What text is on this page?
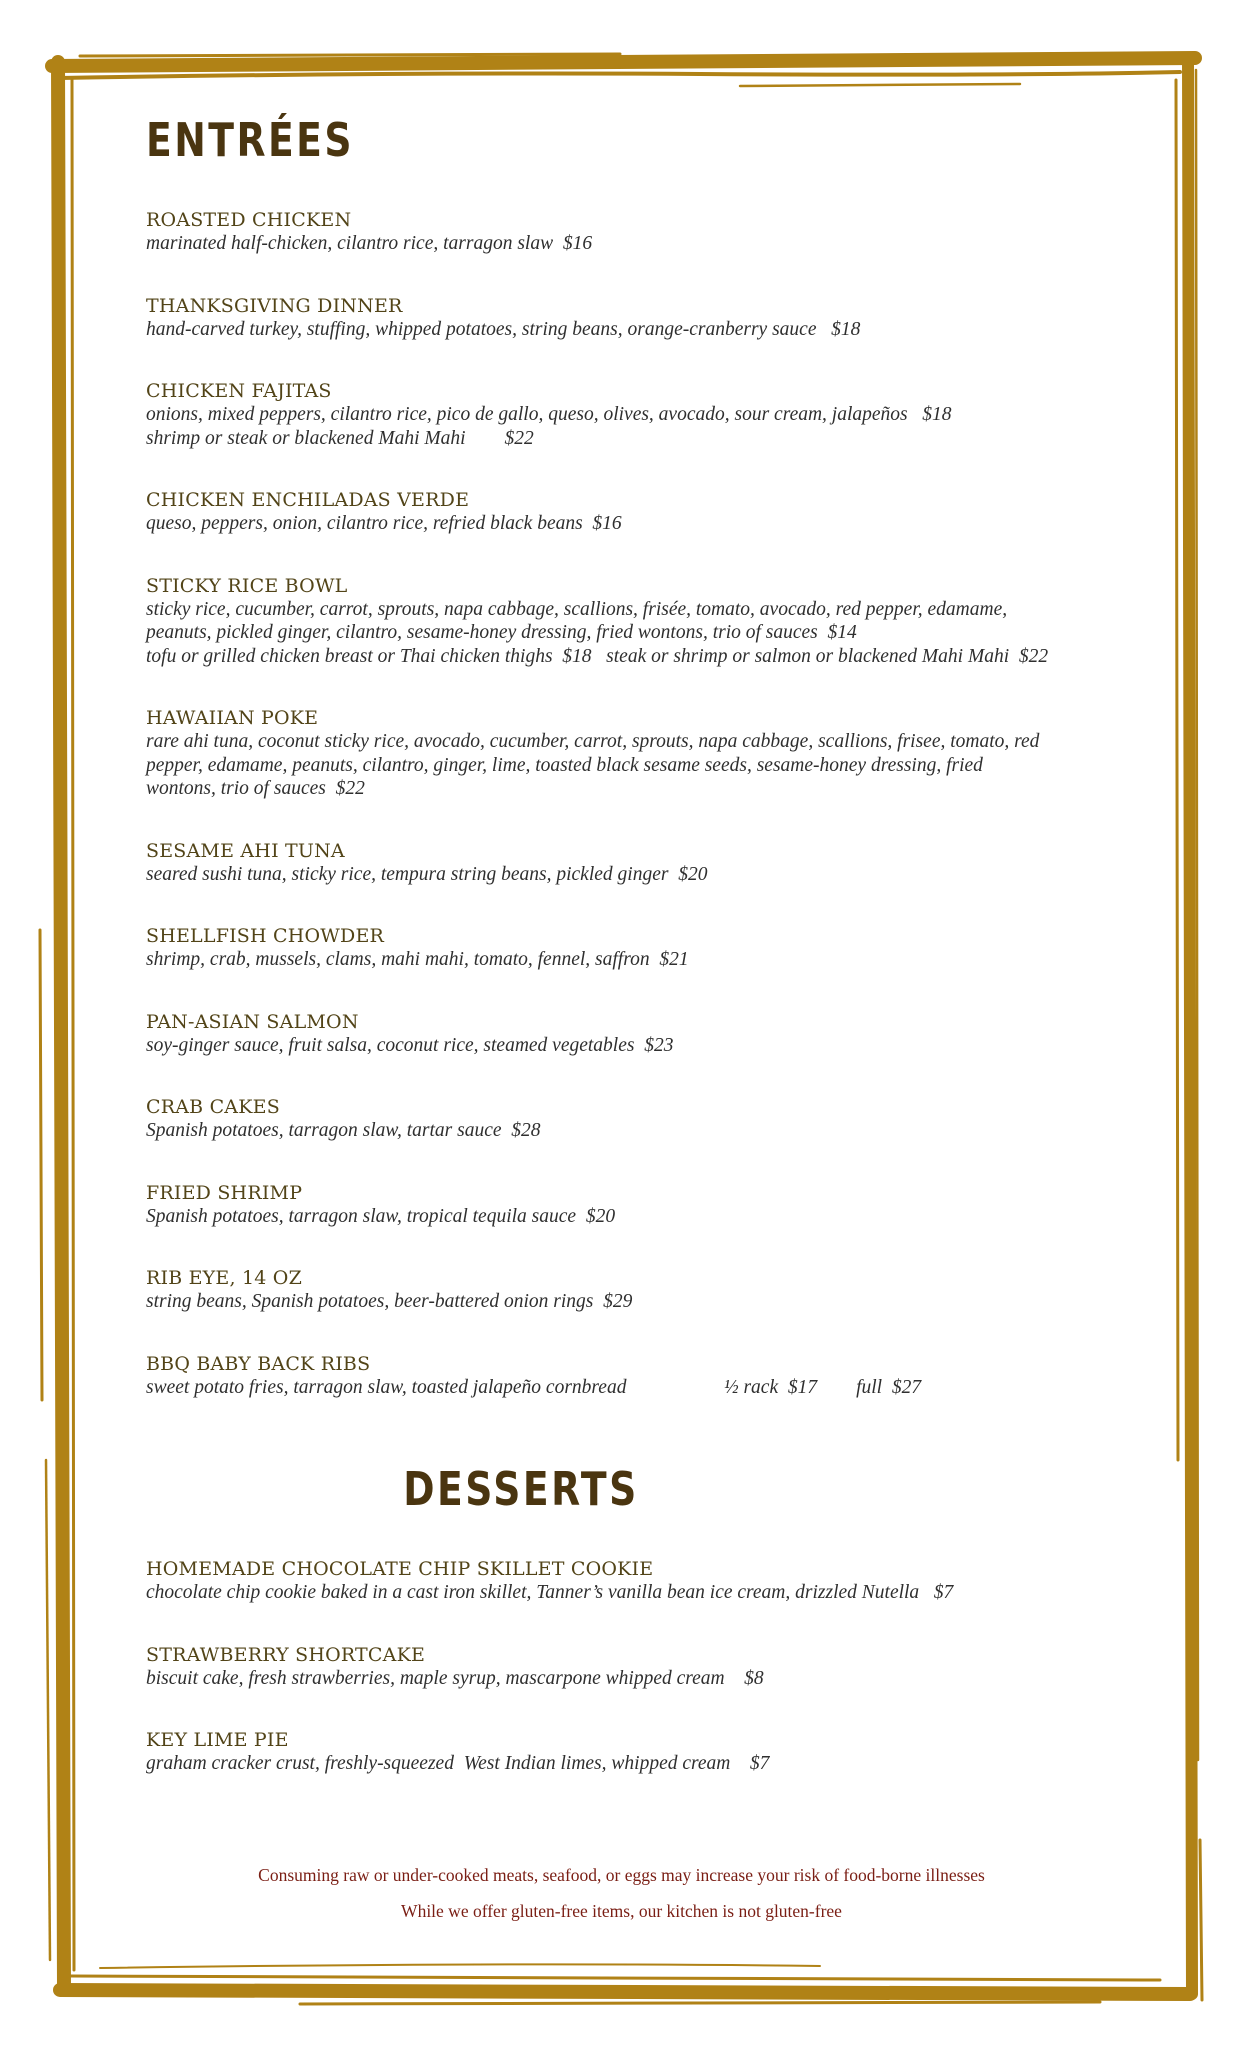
ENTRÉES
ROASTED CHICKEN
marinated half-chicken, cilantro rice, tarragon slaw  $16
THANKSGIVING DINNER
hand-carved turkey, stuffing, whipped potatoes, string beans, orange-cranberry sauce   $18
CHICKEN FAJITAS
onions, mixed peppers, cilantro rice, pico de gallo, queso, olives, avocado, sour cream, jalapeños   $18
shrimp or steak or blackened Mahi Mahi        $22
CHICKEN ENCHILADAS VERDE
queso, peppers, onion, cilantro rice, refried black beans  $16
STICKY RICE BOWL
sticky rice, cucumber, carrot, sprouts, napa cabbage, scallions, frisée, tomato, avocado, red pepper, edamame,
peanuts, pickled ginger, cilantro, sesame-honey dressing, fried wontons, trio of sauces  $14
tofu or grilled chicken breast or Thai chicken thighs  $18   steak or shrimp or salmon or blackened Mahi Mahi  $22
HAWAIIAN POKE
rare ahi tuna, coconut sticky rice, avocado, cucumber, carrot, sprouts, napa cabbage, scallions, frisee, tomato, red
pepper, edamame, peanuts, cilantro, ginger, lime, toasted black sesame seeds, sesame-honey dressing, fried
wontons, trio of sauces  $22
SESAME AHI TUNA
seared sushi tuna, sticky rice, tempura string beans, pickled ginger  $20
SHELLFISH CHOWDER
shrimp, crab, mussels, clams, mahi mahi, tomato, fennel, saffron  $21
PAN-ASIAN SALMON
soy-ginger sauce, fruit salsa, coconut rice, steamed vegetables  $23
CRAB CAKES
Spanish potatoes, tarragon slaw, tartar sauce  $28
FRIED SHRIMP
Spanish potatoes, tarragon slaw, tropical tequila sauce  $20
RIB EYE, 14 OZ
string beans, Spanish potatoes, beer-battered onion rings  $29
BBQ BABY BACK RIBS
sweet potato fries, tarragon slaw, toasted jalapeño cornbread                    ½ rack  $17        full  $27
DESSERTS
HOMEMADE CHOCOLATE CHIP SKILLET COOKIE
chocolate chip cookie baked in a cast iron skillet, Tanner’s vanilla bean ice cream, drizzled Nutella   $7
STRAWBERRY SHORTCAKE
biscuit cake, fresh strawberries, maple syrup, mascarpone whipped cream    $8
KEY LIME PIE
graham cracker crust, freshly-squeezed  West Indian limes, whipped cream    $7
Consuming raw or under-cooked meats, seafood, or eggs may increase your risk of food-borne illnesses
While we offer gluten-free items, our kitchen is not gluten-free
